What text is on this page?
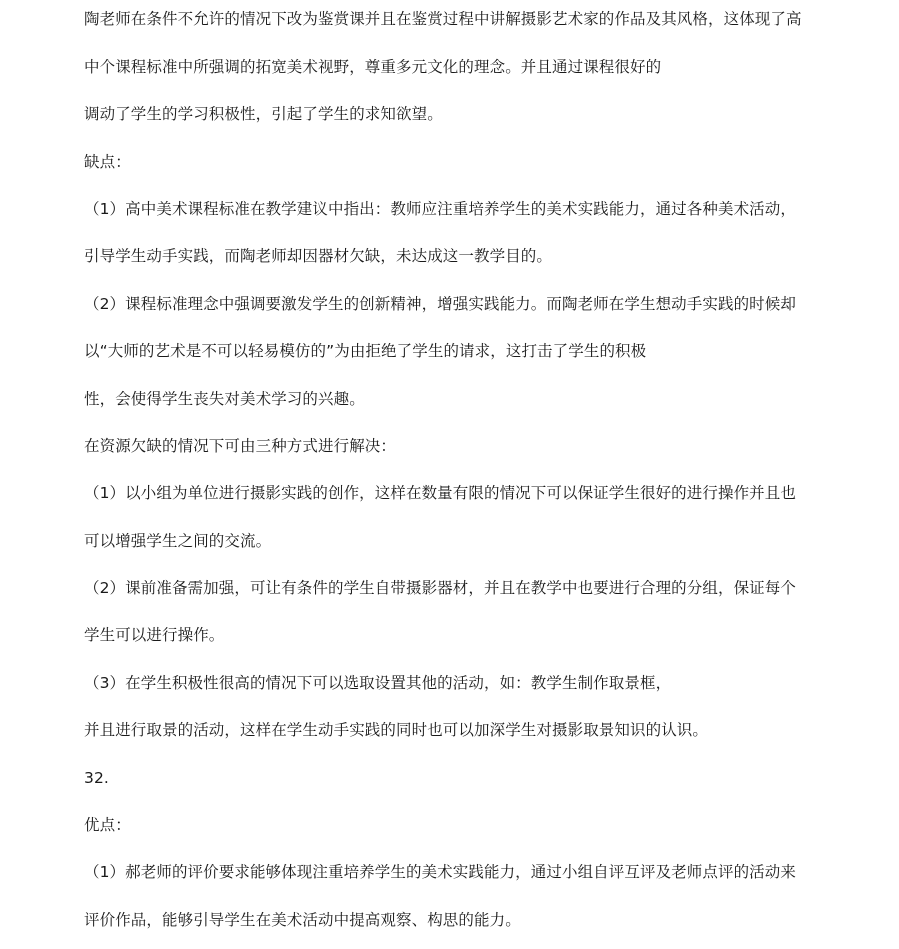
陶老师在条件不允许的情况下改为鉴赏课并且在鉴赏过程中讲解摄影艺术家的作品及其风格，这体现了高
中个课程标准中所强调的拓宽美术视野，尊重多元文化的理念。并且通过课程很好的
调动了学生的学习积极性，引起了学生的求知欲望。
缺点：
（1）高中美术课程标准在教学建议中指出：教师应注重培养学生的美术实践能力，通过各种美术活动，
引导学生动手实践，而陶老师却因器材欠缺，未达成这一教学目的。
（2）课程标准理念中强调要激发学生的创新精神，增强实践能力。而陶老师在学生想动手实践的时候却
以“大师的艺术是不可以轻易模仿的”为由拒绝了学生的请求，这打击了学生的积极
性，会使得学生丧失对美术学习的兴趣。
在资源欠缺的情况下可由三种方式进行解决：
（1）以小组为单位进行摄影实践的创作，这样在数量有限的情况下可以保证学生很好的进行操作并且也
可以增强学生之间的交流。
（2）课前准备需加强，可让有条件的学生自带摄影器材，并且在教学中也要进行合理的分组，保证每个
学生可以进行操作。
（3）在学生积极性很高的情况下可以选取设置其他的活动，如：教学生制作取景框，
并且进行取景的活动，这样在学生动手实践的同时也可以加深学生对摄影取景知识的认识。
32.
优点：
（1）郝老师的评价要求能够体现注重培养学生的美术实践能力，通过小组自评互评及老师点评的活动来
评价作品，能够引导学生在美术活动中提高观察、构思的能力。
